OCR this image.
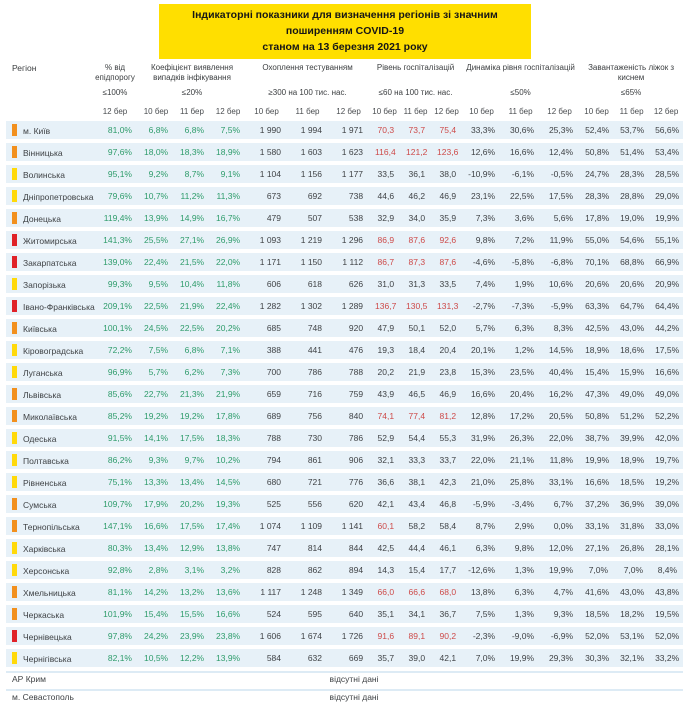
Індикаторні показники для визначення регіонів зі значним поширенням COVID-19
станом на 13 березня 2021 року
Регіон	% від епідпорогу	Коефіцієнт виявлення випадків інфікування			Охоплення тестуванням			Рівень госпіталізацій			Динаміка рівня госпіталізацій			Завантаженість ліжок з киснем		
	≤100%	≤20%			≥300 на 100 тис. нас.			≤60 на 100 тис. нас.			≤50%			≤65%		
	12 бер	10 бер	11 бер	12 бер	10 бер	11 бер	12 бер	10 бер	11 бер	12 бер	10 бер	11 бер	12 бер	10 бер	11 бер	12 бер
м. Київ	81,0%	6,8%	6,8%	7,5%	1 990	1 994	1 971	70,3	73,7	75,4	33,3%	30,6%	25,3%	52,4%	53,7%	56,6%
Вінницька	97,6%	18,0%	18,3%	18,9%	1 580	1 603	1 623	116,4	121,2	123,6	12,6%	16,6%	12,4%	50,8%	51,4%	53,4%
Волинська	95,1%	9,2%	8,7%	9,1%	1 104	1 156	1 177	33,5	36,1	38,0	-10,9%	-6,1%	-0,5%	24,7%	28,3%	28,5%
Дніпропетровська	79,6%	10,7%	11,2%	11,3%	673	692	738	44,6	46,2	46,9	23,1%	22,5%	17,5%	28,3%	28,8%	29,0%
Донецька	119,4%	13,9%	14,9%	16,7%	479	507	538	32,9	34,0	35,9	7,3%	3,6%	5,6%	17,8%	19,0%	19,9%
Житомирська	141,3%	25,5%	27,1%	26,9%	1 093	1 219	1 296	86,9	87,6	92,6	9,8%	7,2%	11,9%	55,0%	54,6%	55,1%
Закарпатська	139,0%	22,4%	21,5%	22,0%	1 171	1 150	1 112	86,7	87,3	87,6	-4,6%	-5,8%	-6,8%	70,1%	68,8%	66,9%
Запорізька	99,3%	9,5%	10,4%	11,8%	606	618	626	31,0	31,3	33,5	7,4%	1,9%	10,6%	20,6%	20,6%	20,9%
Івано-Франківська	209,1%	22,5%	21,9%	22,4%	1 282	1 302	1 289	136,7	130,5	131,3	-2,7%	-7,3%	-5,9%	63,3%	64,7%	64,4%
Київська	100,1%	24,5%	22,5%	20,2%	685	748	920	47,9	50,1	52,0	5,7%	6,3%	8,3%	42,5%	43,0%	44,2%
Кіровоградська	72,2%	7,5%	6,8%	7,1%	388	441	476	19,3	18,4	20,4	20,1%	1,2%	14,5%	18,9%	18,6%	17,5%
Луганська	96,9%	5,7%	6,2%	7,3%	700	786	788	20,2	21,9	23,8	15,3%	23,5%	40,4%	15,4%	15,9%	16,6%
Львівська	85,6%	22,7%	21,3%	21,9%	659	716	759	43,9	46,5	46,9	16,6%	20,4%	16,2%	47,3%	49,0%	49,0%
Миколаївська	85,2%	19,2%	19,2%	17,8%	689	756	840	74,1	77,4	81,2	12,8%	17,2%	20,5%	50,8%	51,2%	52,2%
Одеська	91,5%	14,1%	17,5%	18,3%	788	730	786	52,9	54,4	55,3	31,9%	26,3%	22,0%	38,7%	39,9%	42,0%
Полтавська	86,2%	9,3%	9,7%	10,2%	794	861	906	32,1	33,3	33,7	22,0%	21,1%	11,8%	19,9%	18,9%	19,7%
Рівненська	75,1%	13,3%	13,4%	14,5%	680	721	776	36,6	38,1	42,3	21,0%	25,8%	33,1%	16,6%	18,5%	19,2%
Сумська	109,7%	17,9%	20,2%	19,3%	525	556	620	42,1	43,4	46,8	-5,9%	-3,4%	6,7%	37,2%	36,9%	39,0%
Тернопільська	147,1%	16,6%	17,5%	17,4%	1 074	1 109	1 141	60,1	58,2	58,4	8,7%	2,9%	0,0%	33,1%	31,8%	33,0%
Харківська	80,3%	13,4%	12,9%	13,8%	747	814	844	42,5	44,4	46,1	6,3%	9,8%	12,0%	27,1%	26,8%	28,1%
Херсонська	92,8%	2,8%	3,1%	3,2%	828	862	894	14,3	15,4	17,7	-12,6%	1,3%	19,9%	7,0%	7,0%	8,4%
Хмельницька	81,1%	14,2%	13,2%	13,6%	1 117	1 248	1 349	66,0	66,6	68,0	13,8%	6,3%	4,7%	41,6%	43,0%	43,8%
Черкаська	101,9%	15,4%	15,5%	16,6%	524	595	640	35,1	34,1	36,7	7,5%	1,3%	9,3%	18,5%	18,2%	19,5%
Чернівецька	97,8%	24,2%	23,9%	23,8%	1 606	1 674	1 726	91,6	89,1	90,2	-2,3%	-9,0%	-6,9%	52,0%	53,1%	52,0%
Чернігівська	82,1%	10,5%	12,2%	13,9%	584	632	669	35,7	39,0	42,1	7,0%	19,9%	29,3%	30,3%	32,1%	33,2%
АР Крим					відсутні дані											
м. Севастополь					відсутні дані											
